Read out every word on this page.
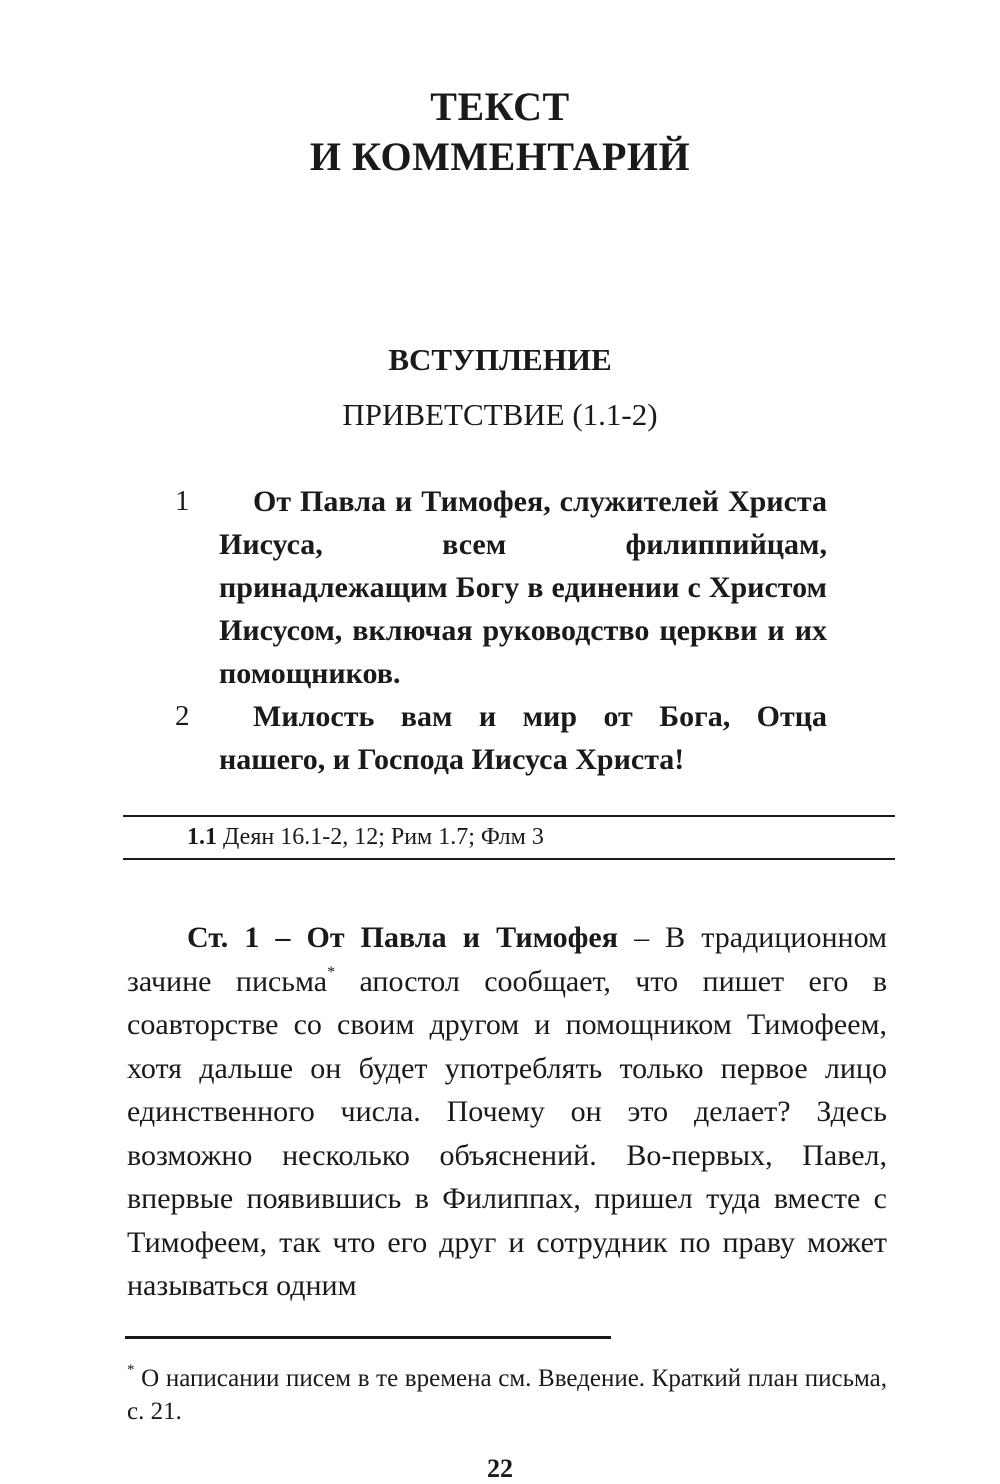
ТЕКСТ
И КОММЕНТАРИЙ
ВСТУПЛЕНИЕ
ПРИВЕТСТВИЕ (1.1-2)
1	От Павла и Тимофея, служителей Христа Иисуса, всем филиппийцам, принадлежащим Богу в единении с Христом Иисусом, включая руководство церкви и их помощников.
2	Милость вам и мир от Бога, Отца нашего, и Господа Иисуса Христа!
1.1 Деян 16.1-2, 12; Рим 1.7; Флм 3
Ст. 1 – От Павла и Тимофея – В традиционном зачине письма* апостол сообщает, что пишет его в соавторстве со своим другом и помощником Тимофеем, хотя дальше он будет употреблять только первое лицо единственного числа. Почему он это делает? Здесь возможно несколько объяснений. Во-первых, Павел, впервые появившись в Филиппах, пришел туда вместе с Тимофеем, так что его друг и сотрудник по праву может называться одним
* О написании писем в те времена см. Введение. Краткий план письма, с. 21.
22
